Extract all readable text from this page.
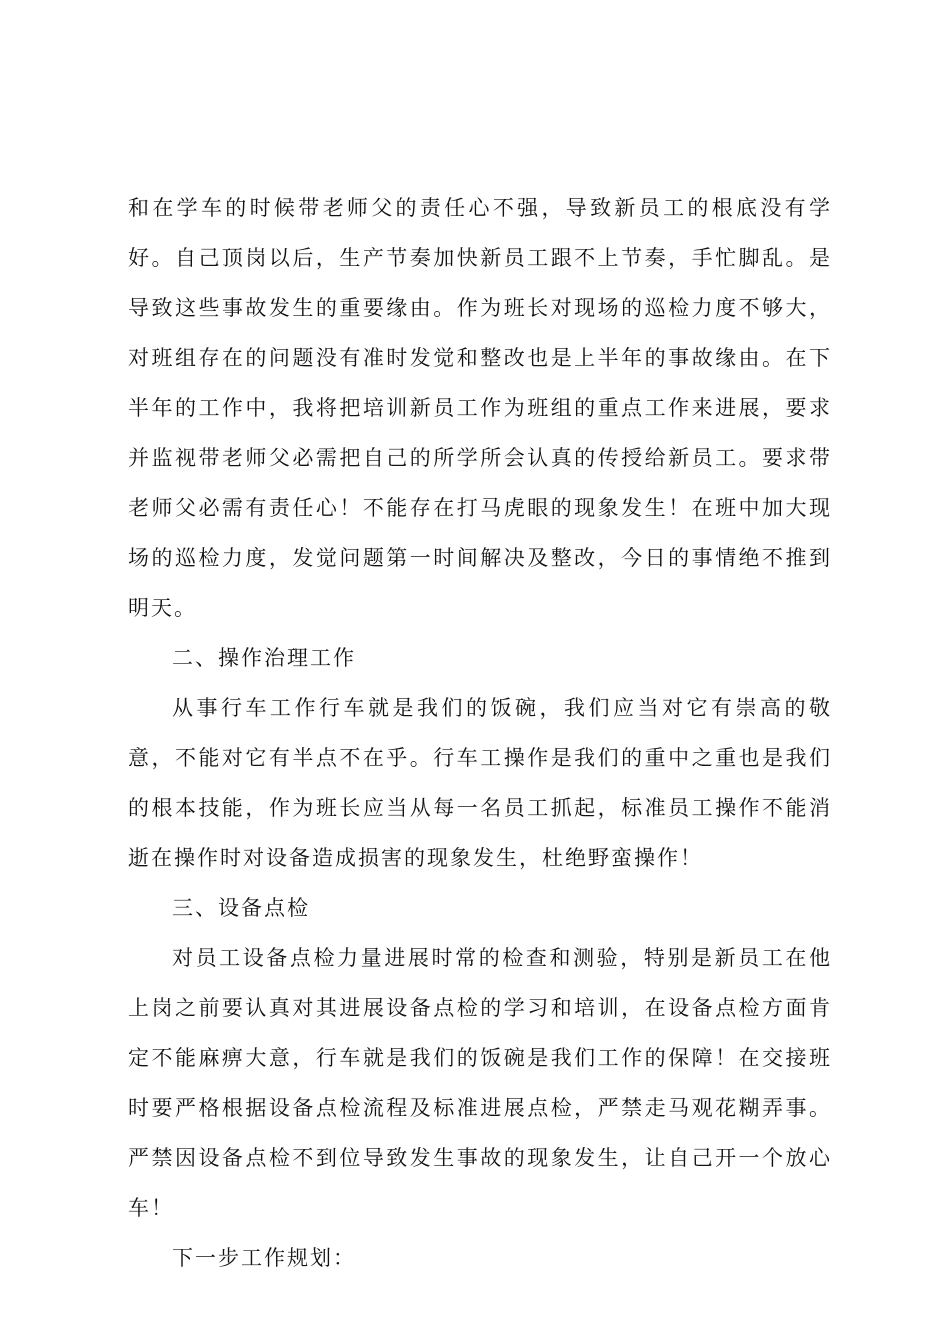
和在学车的时候带老师父的责任心不强，导致新员工的根底没有学好。自己顶岗以后，生产节奏加快新员工跟不上节奏，手忙脚乱。是导致这些事故发生的重要缘由。作为班长对现场的巡检力度不够大，对班组存在的问题没有准时发觉和整改也是上半年的事故缘由。在下半年的工作中，我将把培训新员工作为班组的重点工作来进展，要求并监视带老师父必需把自己的所学所会认真的传授给新员工。要求带老师父必需有责任心！不能存在打马虎眼的现象发生！在班中加大现场的巡检力度，发觉问题第一时间解决及整改，今日的事情绝不推到明天。

二、操作治理工作

从事行车工作行车就是我们的饭碗，我们应当对它有崇高的敬意，不能对它有半点不在乎。行车工操作是我们的重中之重也是我们的根本技能，作为班长应当从每一名员工抓起，标准员工操作不能消逝在操作时对设备造成损害的现象发生，杜绝野蛮操作！

三、设备点检

对员工设备点检力量进展时常的检查和测验，特别是新员工在他上岗之前要认真对其进展设备点检的学习和培训，在设备点检方面肯定不能麻痹大意，行车就是我们的饭碗是我们工作的保障！在交接班时要严格根据设备点检流程及标准进展点检，严禁走马观花糊弄事。严禁因设备点检不到位导致发生事故的现象发生，让自己开一个放心车！

下一步工作规划：
